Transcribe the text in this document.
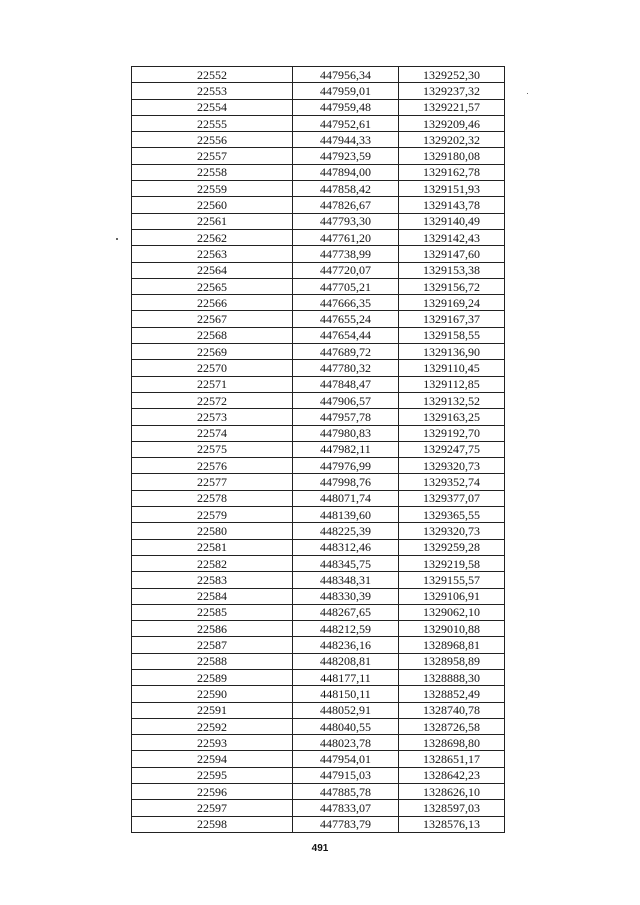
22552	447956,34	1329252,30
22553	447959,01	1329237,32
22554	447959,48	1329221,57
22555	447952,61	1329209,46
22556	447944,33	1329202,32
22557	447923,59	1329180,08
22558	447894,00	1329162,78
22559	447858,42	1329151,93
22560	447826,67	1329143,78
22561	447793,30	1329140,49
22562	447761,20	1329142,43
22563	447738,99	1329147,60
22564	447720,07	1329153,38
22565	447705,21	1329156,72
22566	447666,35	1329169,24
22567	447655,24	1329167,37
22568	447654,44	1329158,55
22569	447689,72	1329136,90
22570	447780,32	1329110,45
22571	447848,47	1329112,85
22572	447906,57	1329132,52
22573	447957,78	1329163,25
22574	447980,83	1329192,70
22575	447982,11	1329247,75
22576	447976,99	1329320,73
22577	447998,76	1329352,74
22578	448071,74	1329377,07
22579	448139,60	1329365,55
22580	448225,39	1329320,73
22581	448312,46	1329259,28
22582	448345,75	1329219,58
22583	448348,31	1329155,57
22584	448330,39	1329106,91
22585	448267,65	1329062,10
22586	448212,59	1329010,88
22587	448236,16	1328968,81
22588	448208,81	1328958,89
22589	448177,11	1328888,30
22590	448150,11	1328852,49
22591	448052,91	1328740,78
22592	448040,55	1328726,58
22593	448023,78	1328698,80
22594	447954,01	1328651,17
22595	447915,03	1328642,23
22596	447885,78	1328626,10
22597	447833,07	1328597,03
22598	447783,79	1328576,13
491
